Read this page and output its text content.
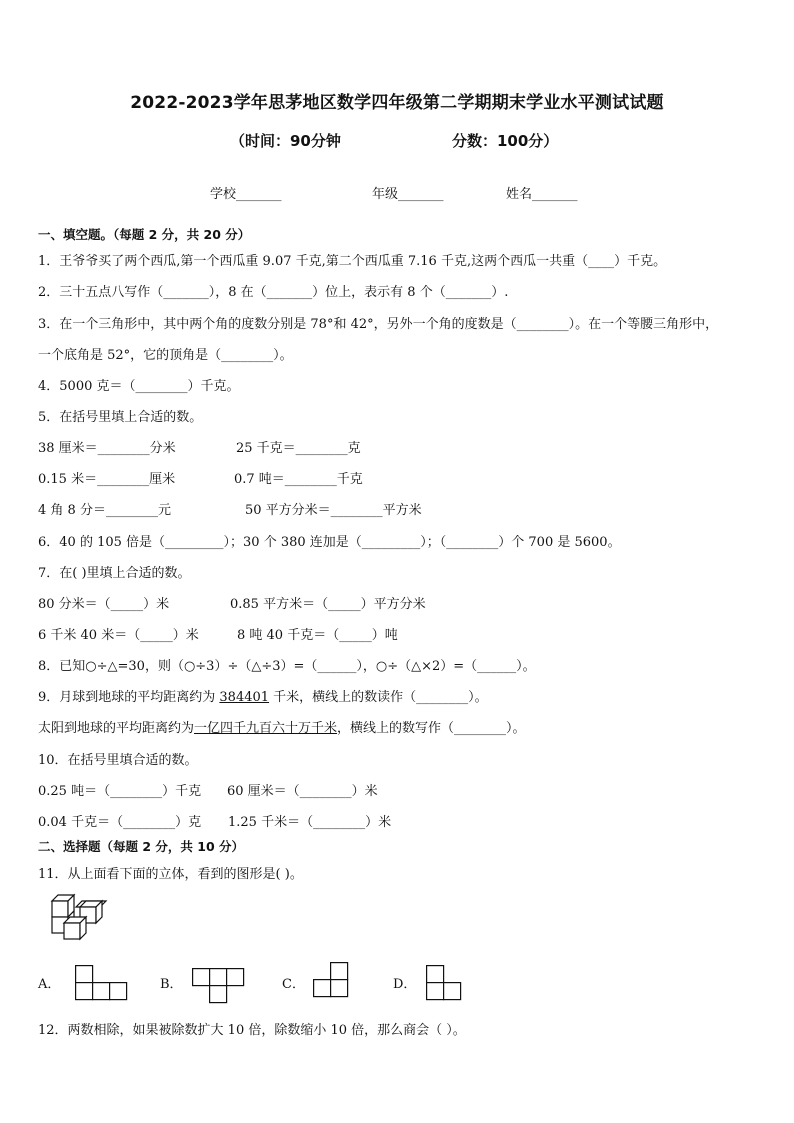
2022-2023学年思茅地区数学四年级第二学期期末学业水平测试试题
（时间：90分钟	分数：100分）
学校_______	年级_______	姓名_______
一、填空题。（每题 2 分，共 20 分）
1．王爷爷买了两个西瓜,第一个西瓜重 9.07 千克,第二个西瓜重 7.16 千克,这两个西瓜一共重（____）千克。
2．三十五点八写作（_______），8 在（_______）位上，表示有 8 个（_______）.
3．在一个三角形中，其中两个角的度数分别是 78°和 42°，另外一个角的度数是（________）。在一个等腰三角形中，
一个底角是 52°，它的顶角是（________）。
4．5000 克＝（________）千克。
5．在括号里填上合适的数。
38 厘米＝________分米	25 千克＝________克
0.15 米＝________厘米	0.7 吨＝________千克
4 角 8 分＝________元	50 平方分米＝________平方米
6．40 的 105 倍是（_________）；30 个 380 连加是（_________）；（________）个 700 是 5600。
7．在( )里填上合适的数。
80 分米＝（_____）米	0.85 平方米＝（_____）平方分米
6 千米 40 米＝（_____）米	8 吨 40 千克＝（_____）吨
8．已知○÷△=30，则（○÷3）÷（△÷3）=（______），○÷（△×2）=（______）。
9．月球到地球的平均距离约为 384401 千米，横线上的数读作（________）。
太阳到地球的平均距离约为一亿四千九百六十万千米，横线上的数写作（________）。
10．在括号里填合适的数。
0.25 吨＝（________）千克 60 厘米＝（________）米
0.04 千克＝（________）克 1.25 千米＝（________）米
二、选择题（每题 2 分，共 10 分）
11．从上面看下面的立体，看到的图形是( )。
A．	B．	C．	D．
12．两数相除，如果被除数扩大 10 倍，除数缩小 10 倍，那么商会（ ）。
